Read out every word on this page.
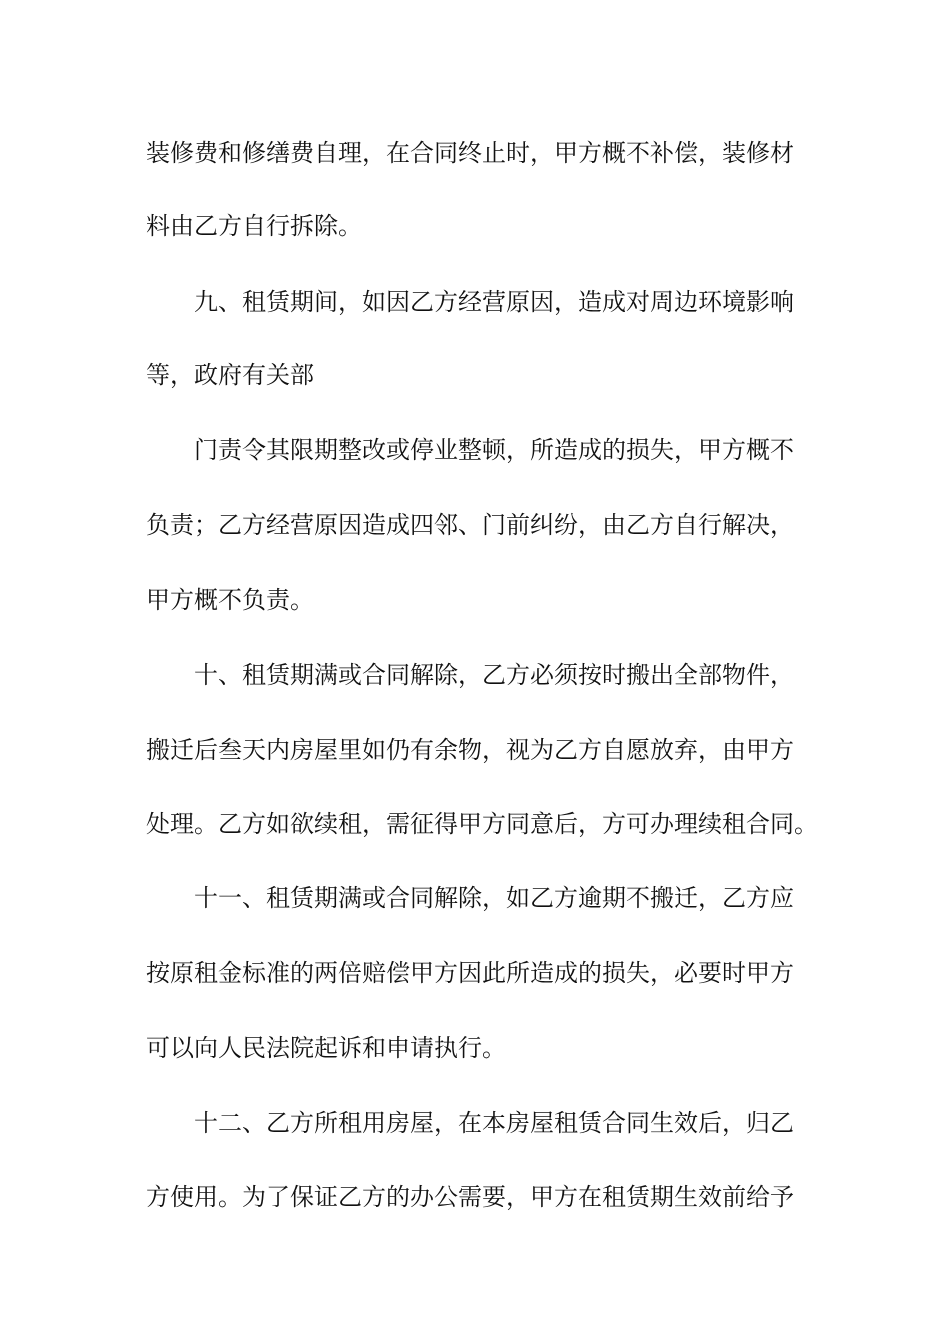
装修费和修缮费自理，在合同终止时，甲方概不补偿，装修材
料由乙方自行拆除。
九、租赁期间，如因乙方经营原因，造成对周边环境影响
等，政府有关部
门责令其限期整改或停业整顿，所造成的损失，甲方概不
负责；乙方经营原因造成四邻、门前纠纷，由乙方自行解决，
甲方概不负责。
十、租赁期满或合同解除，乙方必须按时搬出全部物件，
搬迁后叁天内房屋里如仍有余物，视为乙方自愿放弃，由甲方
处理。乙方如欲续租，需征得甲方同意后，方可办理续租合同。
十一、租赁期满或合同解除，如乙方逾期不搬迁，乙方应
按原租金标准的两倍赔偿甲方因此所造成的损失，必要时甲方
可以向人民法院起诉和申请执行。
十二、乙方所租用房屋，在本房屋租赁合同生效后，归乙
方使用。为了保证乙方的办公需要，甲方在租赁期生效前给予
